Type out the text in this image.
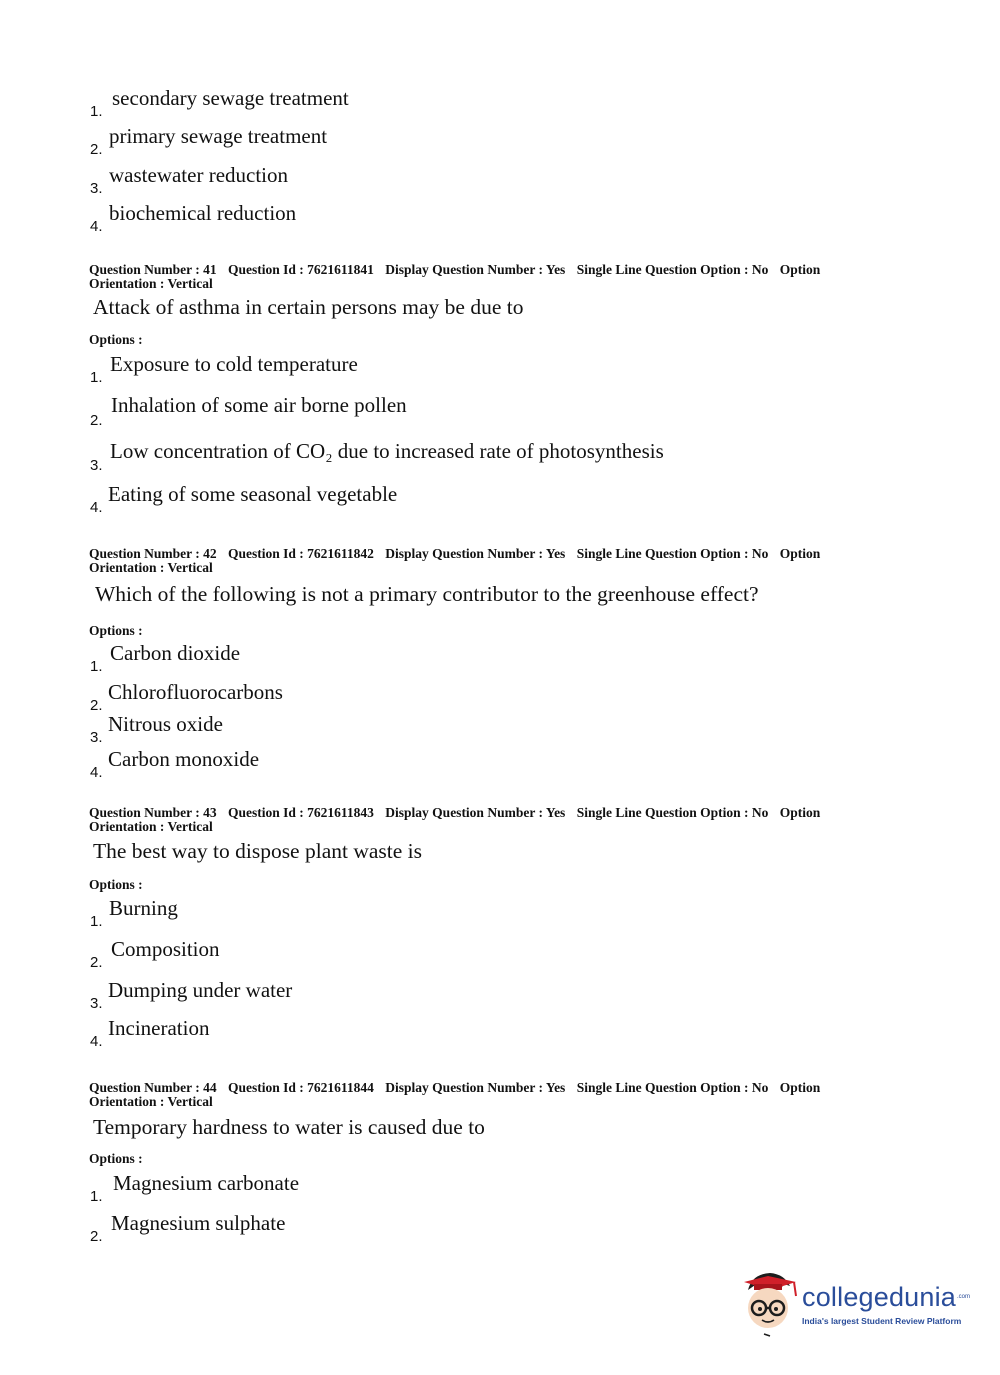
1.
secondary sewage treatment
2.
primary sewage treatment
3.
wastewater reduction
4.
biochemical reduction
Question Number : 41 Question Id : 7621611841 Display Question Number : Yes Single Line Question Option : No Option
Orientation : Vertical
Attack of asthma in certain persons may be due to
Options :
1.
Exposure to cold temperature
2.
Inhalation of some air borne pollen
3.
Low concentration of CO₂ due to increased rate of photosynthesis
4.
Eating of some seasonal vegetable
Question Number : 42 Question Id : 7621611842 Display Question Number : Yes Single Line Question Option : No Option
Orientation : Vertical
Which of the following is not a primary contributor to the greenhouse effect?
Options :
1.
Carbon dioxide
2.
Chlorofluorocarbons
3.
Nitrous oxide
4.
Carbon monoxide
Question Number : 43 Question Id : 7621611843 Display Question Number : Yes Single Line Question Option : No Option
Orientation : Vertical
The best way to dispose plant waste is
Options :
1.
Burning
2.
Composition
3.
Dumping under water
4.
Incineration
Question Number : 44 Question Id : 7621611844 Display Question Number : Yes Single Line Question Option : No Option
Orientation : Vertical
Temporary hardness to water is caused due to
Options :
1.
Magnesium carbonate
2.
Magnesium sulphate
collegedunia .com
India's largest Student Review Platform
